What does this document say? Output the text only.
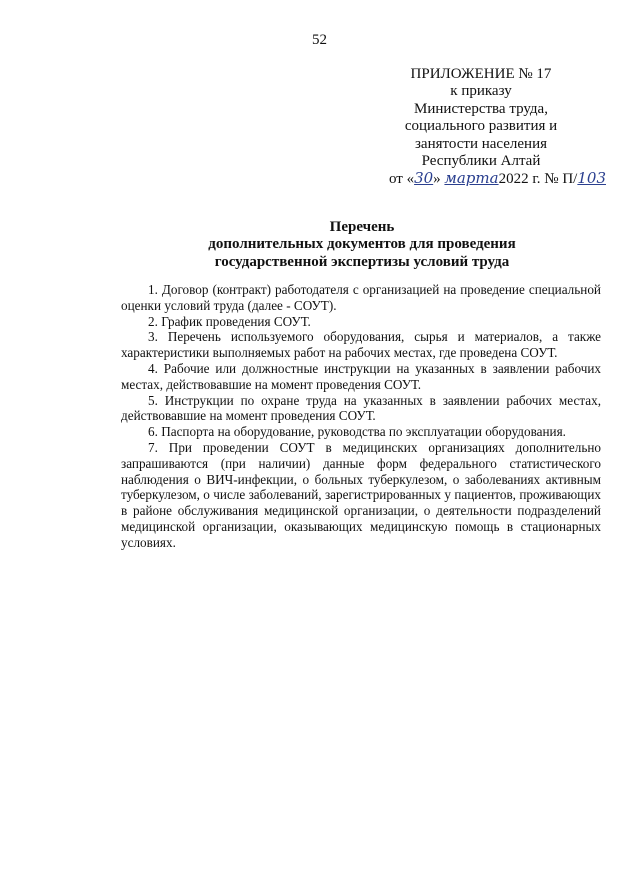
52
ПРИЛОЖЕНИЕ № 17
к приказу
Министерства труда,
социального развития и
занятости населения
Республики Алтай
от «30» марта2022 г. № П/103
Перечень
дополнительных документов для проведения
государственной экспертизы условий труда

1. Договор (контракт) работодателя с организацией на проведение специальной оценки условий труда (далее - СОУТ).

2. График проведения СОУТ.

3. Перечень используемого оборудования, сырья и материалов, а также характеристики выполняемых работ на рабочих местах, где проведена СОУТ.

4. Рабочие или должностные инструкции на указанных в заявлении рабочих местах, действовавшие на момент проведения СОУТ.

5. Инструкции по охране труда на указанных в заявлении рабочих местах, действовавшие на момент проведения СОУТ.

6. Паспорта на оборудование, руководства по эксплуатации оборудования.

7. При проведении СОУТ в медицинских организациях дополнительно запрашиваются (при наличии) данные форм федерального статистического наблюдения о ВИЧ-инфекции, о больных туберкулезом, о заболеваниях активным туберкулезом, о числе заболеваний, зарегистрированных у пациентов, проживающих в районе обслуживания медицинской организации, о деятельности подразделений медицинской организации, оказывающих медицинскую помощь в стационарных условиях.
